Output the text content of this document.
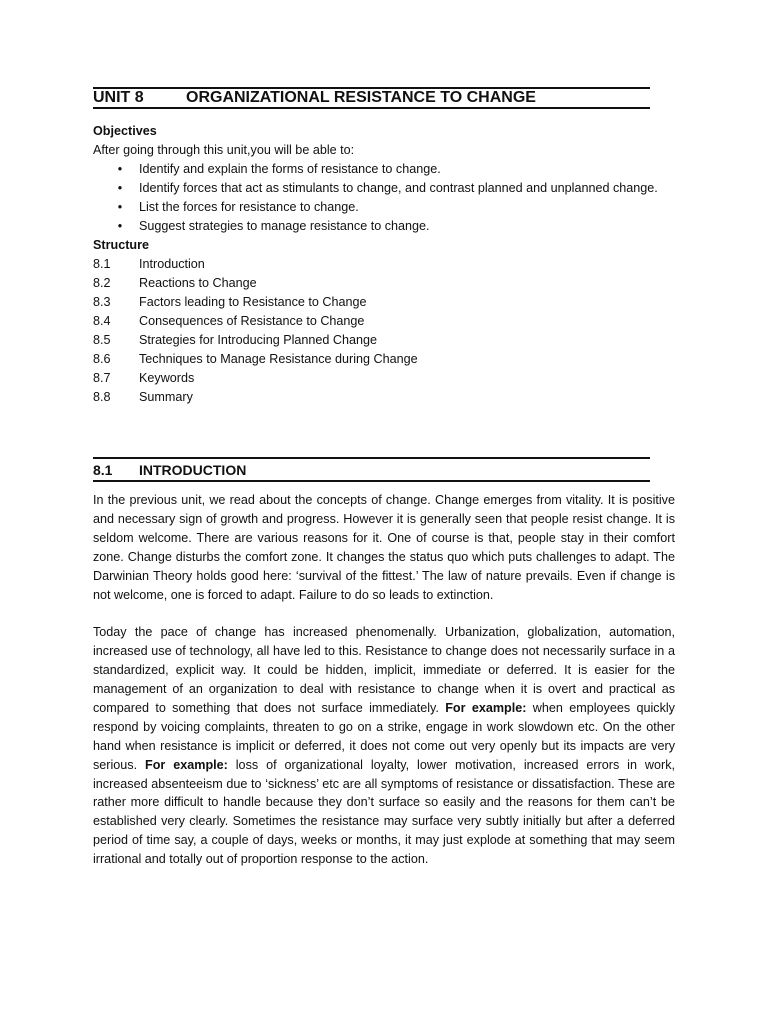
UNIT 8	ORGANIZATIONAL RESISTANCE TO CHANGE
Objectives
After going through this unit,you will be able to:
• Identify and explain the forms of resistance to change.
• Identify forces that act as stimulants to change, and contrast planned and unplanned change.
• List the forces for resistance to change.
• Suggest strategies to manage resistance to change.
Structure
8.1	Introduction
8.2	Reactions to Change
8.3	Factors leading to Resistance to Change
8.4	Consequences of Resistance to Change
8.5	Strategies for Introducing Planned Change
8.6	Techniques to Manage Resistance during Change
8.7	Keywords
8.8	Summary
8.1	INTRODUCTION

In the previous unit, we read about the concepts of change. Change emerges from vitality. It is positive and necessary sign of growth and progress. However it is generally seen that people resist change. It is seldom welcome. There are various reasons for it. One of course is that, people stay in their comfort zone. Change disturbs the comfort zone. It changes the status quo which puts challenges to adapt. The Darwinian Theory holds good here: ‘survival of the fittest.’ The law of nature prevails. Even if change is not welcome, one is forced to adapt. Failure to do so leads to extinction.

Today the pace of change has increased phenomenally. Urbanization, globalization, automation, increased use of technology, all have led to this. Resistance to change does not necessarily surface in a standardized, explicit way. It could be hidden, implicit, immediate or deferred. It is easier for the management of an organization to deal with resistance to change when it is overt and practical as compared to something that does not surface immediately. For example: when employees quickly respond by voicing complaints, threaten to go on a strike, engage in work slowdown etc. On the other hand when resistance is implicit or deferred, it does not come out very openly but its impacts are very serious. For example: loss of organizational loyalty, lower motivation, increased errors in work, increased absenteeism due to ‘sickness’ etc are all symptoms of resistance or dissatisfaction. These are rather more difficult to handle because they don’t surface so easily and the reasons for them can’t be established very clearly. Sometimes the resistance may surface very subtly initially but after a deferred period of time say, a couple of days, weeks or months, it may just explode at something that may seem irrational and totally out of proportion response to the action.
